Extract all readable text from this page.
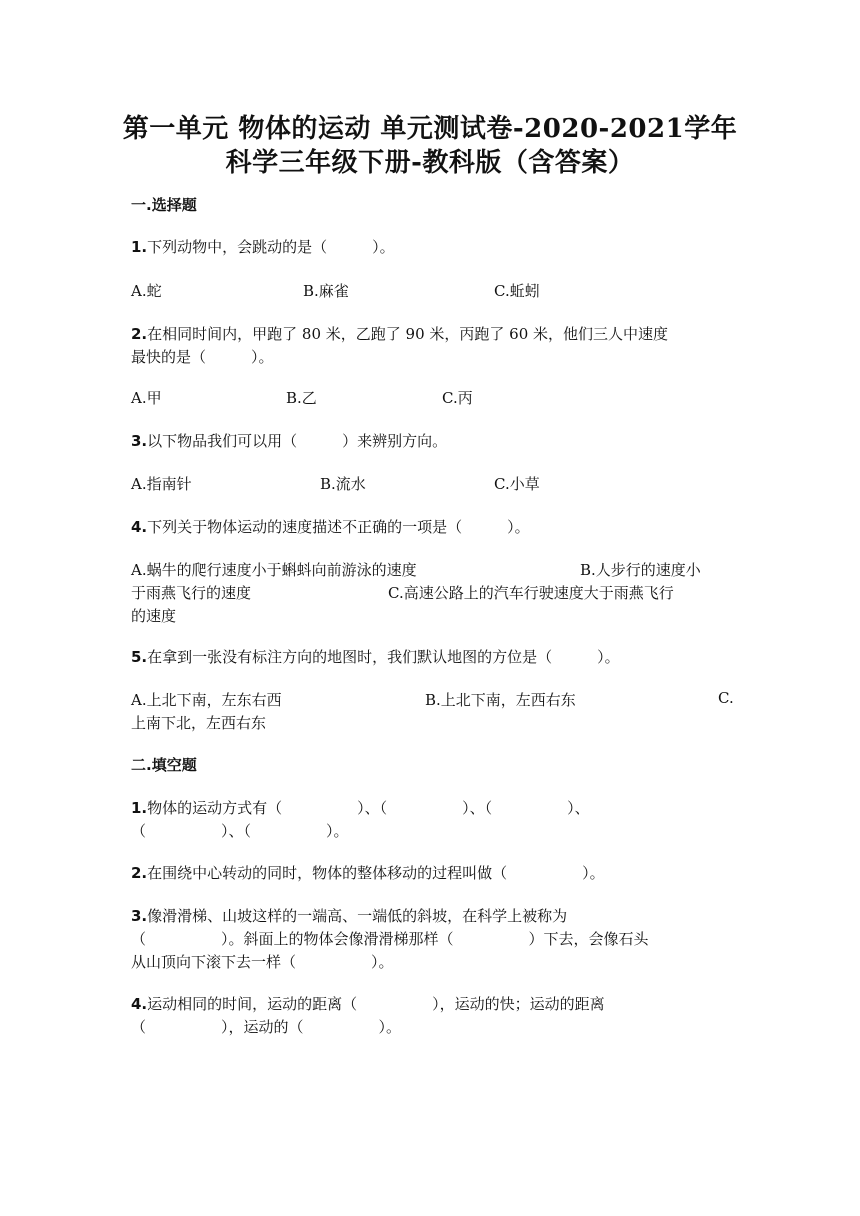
第一单元 物体的运动 单元测试卷-2020-2021学年
科学三年级下册-教科版（含答案）
一.选择题
1.下列动物中，会跳动的是（　　　）。
A.蛇	B.麻雀	C.蚯蚓
2.在相同时间内，甲跑了 80 米，乙跑了 90 米，丙跑了 60 米，他们三人中速度
最快的是（　　　）。
A.甲	B.乙	C.丙
3.以下物品我们可以用（　　　）来辨别方向。
A.指南针	B.流水	C.小草
4.下列关于物体运动的速度描述不正确的一项是（　　　）。
A.蜗牛的爬行速度小于蝌蚪向前游泳的速度	B.人步行的速度小
于雨燕飞行的速度	C.高速公路上的汽车行驶速度大于雨燕飞行
的速度
5.在拿到一张没有标注方向的地图时，我们默认地图的方位是（　　　）。
A.上北下南，左东右西	B.上北下南，左西右东	C.
上南下北，左西右东
二.填空题
1.物体的运动方式有（　　　　　）、（　　　　　）、（　　　　　）、
（　　　　　）、（　　　　　）。
2.在围绕中心转动的同时，物体的整体移动的过程叫做（　　　　　）。
3.像滑滑梯、山坡这样的一端高、一端低的斜坡，在科学上被称为
（　　　　　）。斜面上的物体会像滑滑梯那样（　　　　　）下去，会像石头
从山顶向下滚下去一样（　　　　　）。
4.运动相同的时间，运动的距离（　　　　　），运动的快；运动的距离
（　　　　　），运动的（　　　　　）。
